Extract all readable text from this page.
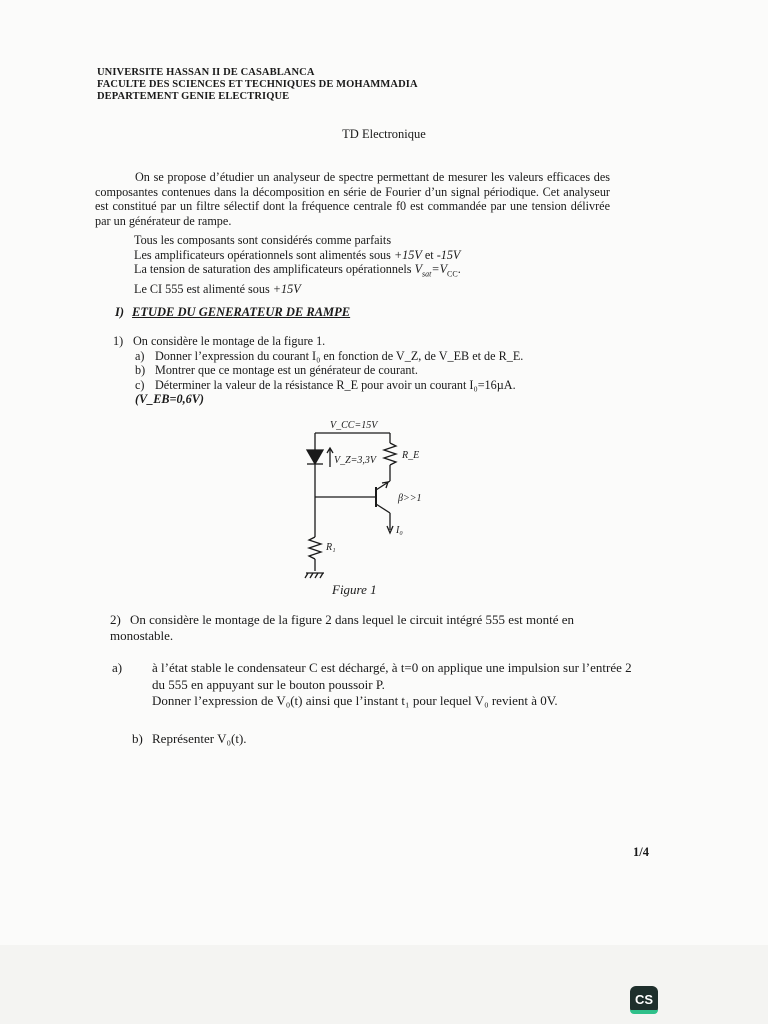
UNIVERSITE HASSAN II DE CASABLANCA
FACULTE DES SCIENCES ET TECHNIQUES DE MOHAMMADIA
DEPARTEMENT GENIE ELECTRIQUE
TD Electronique

On se propose d’étudier un analyseur de spectre permettant de mesurer les valeurs efficaces des composantes contenues dans la décomposition en série de Fourier d’un signal périodique. Cet analyseur est constitué par un filtre sélectif dont la fréquence centrale f0 est commandée par une tension délivrée par un générateur de rampe.

Tous les composants sont considérés comme parfaits
Les amplificateurs opérationnels sont alimentés sous +15V et -15V
La tension de saturation des amplificateurs opérationnels $V_{sat}=V_{CC}$.
Le CI 555 est alimenté sous +15V
I) ETUDE DU GENERATEUR DE RAMPE
1) On considère le montage de la figure 1.
a) Donner l’expression du courant I₀ en fonction de V_Z, de V_EB et de R_E.
b) Montrer que ce montage est un générateur de courant.
c) Déterminer la valeur de la résistance R_E pour avoir un courant I₀=16µA.
(V_EB=0,6V)
V_CC=15V
V_Z=3,3V	R_E
β>>1
I₀
R₁
Figure 1
2) On considère le montage de la figure 2 dans lequel le circuit intégré 555 est monté en monostable.
a) à l’état stable le condensateur C est déchargé, à t=0 on applique une impulsion sur l’entrée 2 du 555 en appuyant sur le bouton poussoir P.
Donner l’expression de V₀(t) ainsi que l’instant t₁ pour lequel V₀ revient à 0V.
b) Représenter V₀(t).
1/4
CS
